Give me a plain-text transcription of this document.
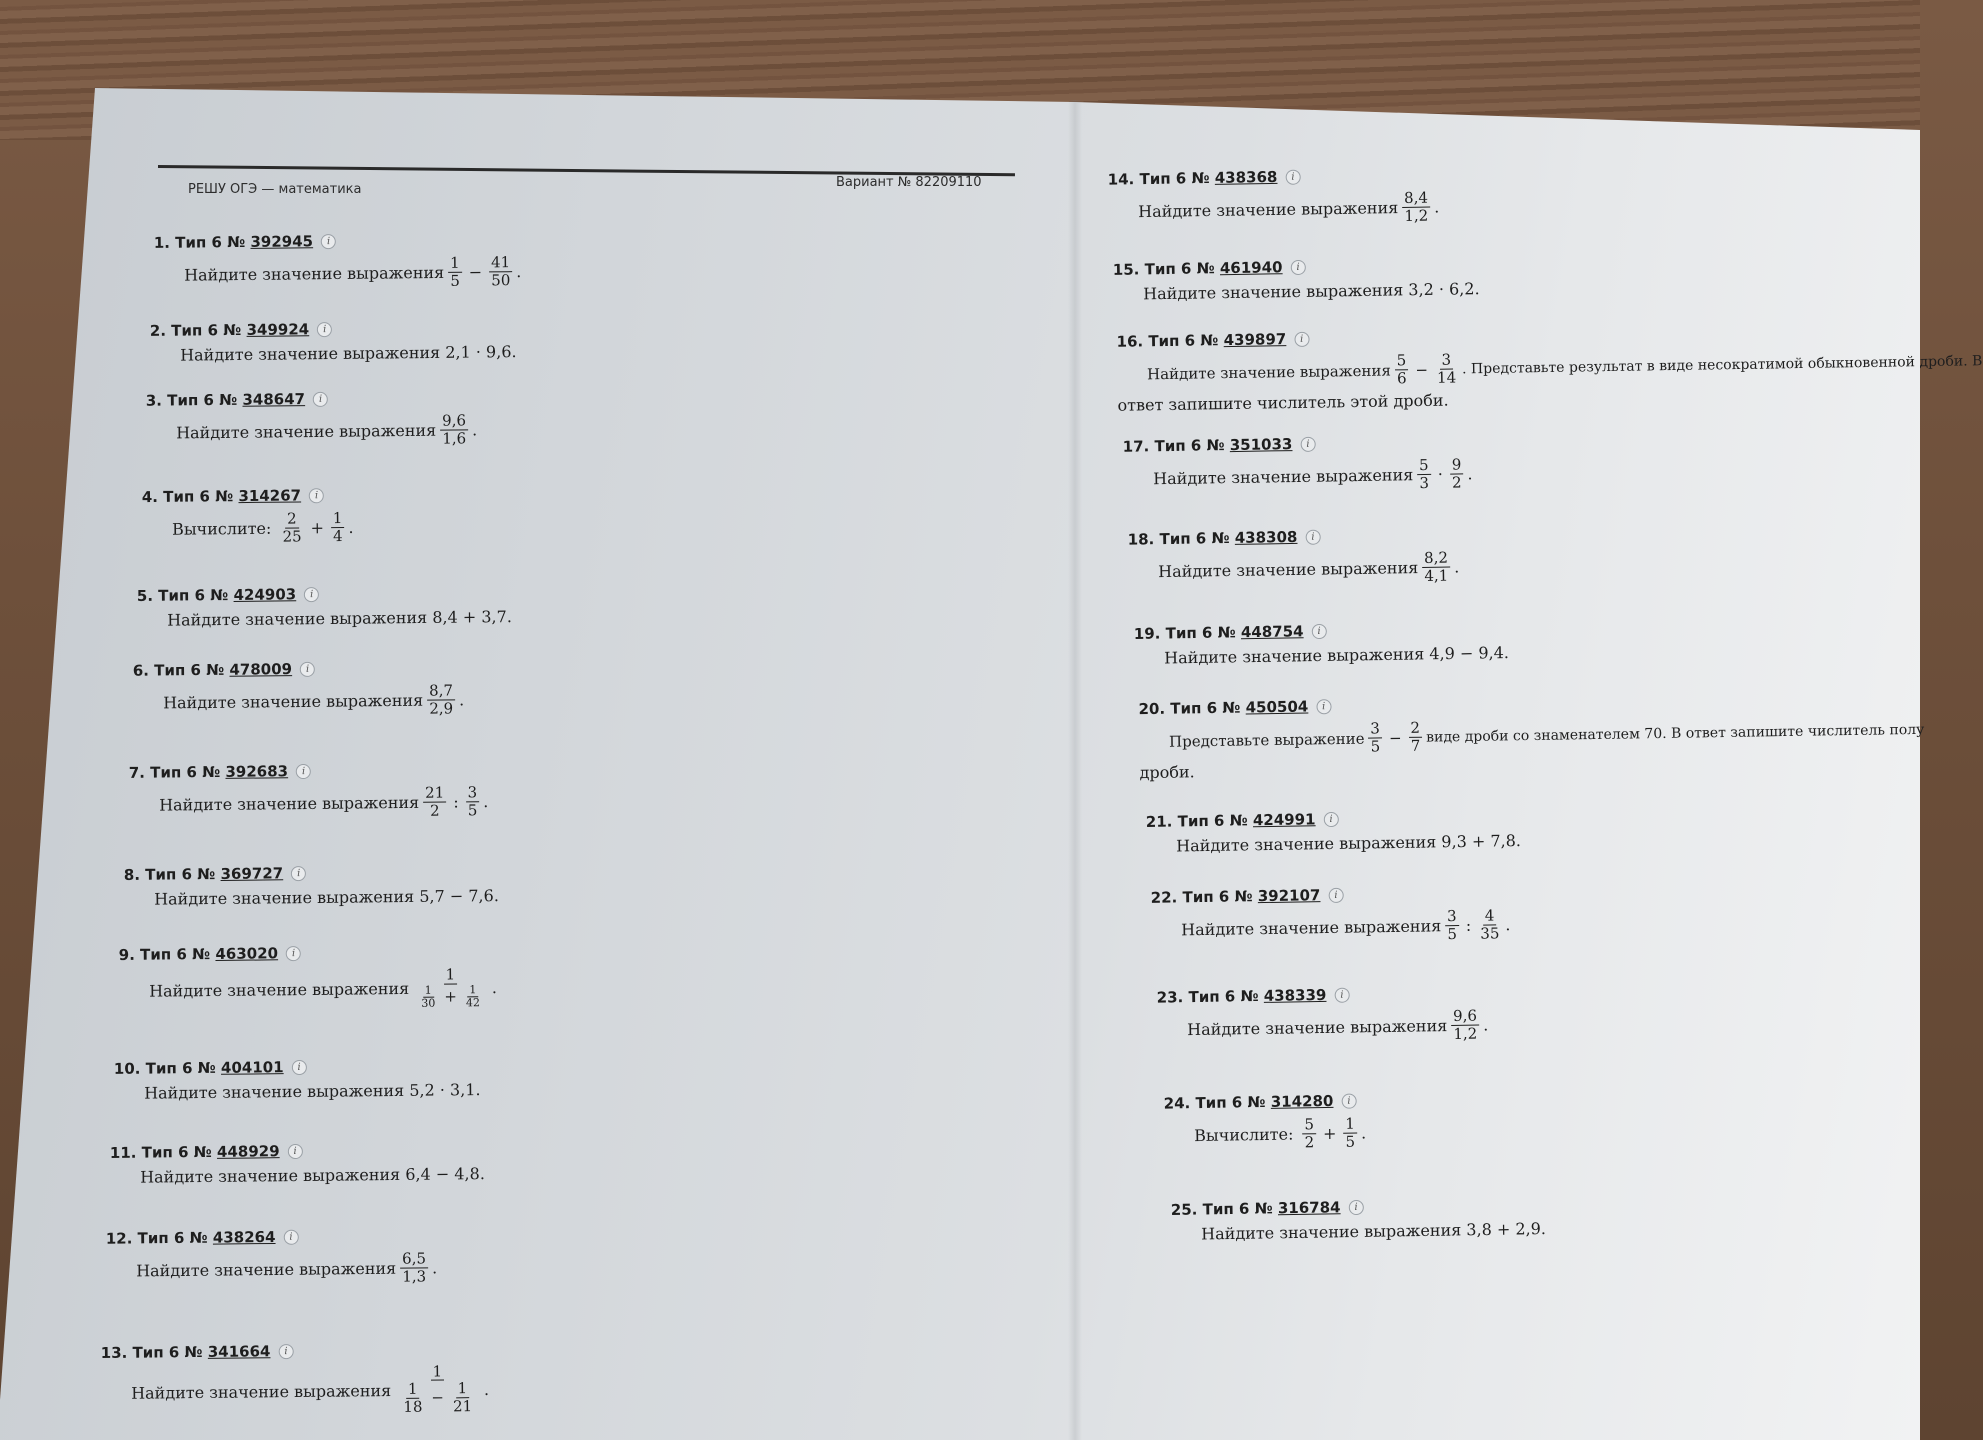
РЕШУ ОГЭ — математика	Вариант № 82209110
1. Тип 6 № 392945 i
Найдите значение выражения $\frac{1}{5} - \frac{41}{50}$ .
2. Тип 6 № 349924 i
Найдите значение выражения
2,1 · 9,6.
3. Тип 6 № 348647 i
Найдите значение выражения $\frac{9,6}{1,6}$ .
4. Тип 6 № 314267 i
Вычислите:
$\frac{2}{25} + \frac{1}{4}$ .
5. Тип 6 № 424903 i
Найдите значение выражения
8,4 + 3,7.
6. Тип 6 № 478009 i
Найдите значение выражения $\frac{8,7}{2,9}$ .
7. Тип 6 № 392683 i
Найдите значение выражения $\frac{21}{2}$ : $\frac{3}{5}$ .
8. Тип 6 № 369727 i
Найдите значение выражения
5,7 − 7,6.
9. Тип 6 № 463020 i
Найдите значение выражения $\frac{1}{\frac{1}{30} + \frac{1}{42}}$ .
10. Тип 6 № 404101 i
Найдите значение выражения
5,2 · 3,1.
11. Тип 6 № 448929 i
Найдите значение выражения
6,4 − 4,8.
12. Тип 6 № 438264 i
Найдите значение выражения $\frac{6,5}{1,3}$ .
13. Тип 6 № 341664 i
Найдите значение выражения $\frac{1}{\frac{1}{18} - \frac{1}{21}}$ .
14. Тип 6 № 438368 i
Найдите значение выражения $\frac{8,4}{1,2}$ .
15. Тип 6 № 461940 i
Найдите значение выражения
3,2 · 6,2.
16. Тип 6 № 439897 i
Найдите значение выражения $\frac{5}{6} - \frac{3}{14}$ . Представьте результат в виде несократимой обыкновенной дроби. В
ответ запишите числитель этой дроби.
17. Тип 6 № 351033 i
Найдите значение выражения $\frac{5}{3} \cdot \frac{9}{2}$ .
18. Тип 6 № 438308 i
Найдите значение выражения $\frac{8,2}{4,1}$ .
19. Тип 6 № 448754 i
Найдите значение выражения
4,9 − 9,4.
20. Тип 6 № 450504 i
Представьте выражение $\frac{3}{5} - \frac{2}{7}$ виде дроби со знаменателем 70. В ответ запишите числитель полу
дроби.
21. Тип 6 № 424991 i
Найдите значение выражения
9,3 + 7,8.
22. Тип 6 № 392107 i
Найдите значение выражения $\frac{3}{5}$ : $\frac{4}{35}$ .
23. Тип 6 № 438339 i
Найдите значение выражения $\frac{9,6}{1,2}$ .
24. Тип 6 № 314280 i
Вычислите:
$\frac{5}{2} + \frac{1}{5}$ .
25. Тип 6 № 316784 i
Найдите значение выражения
3,8 + 2,9.
